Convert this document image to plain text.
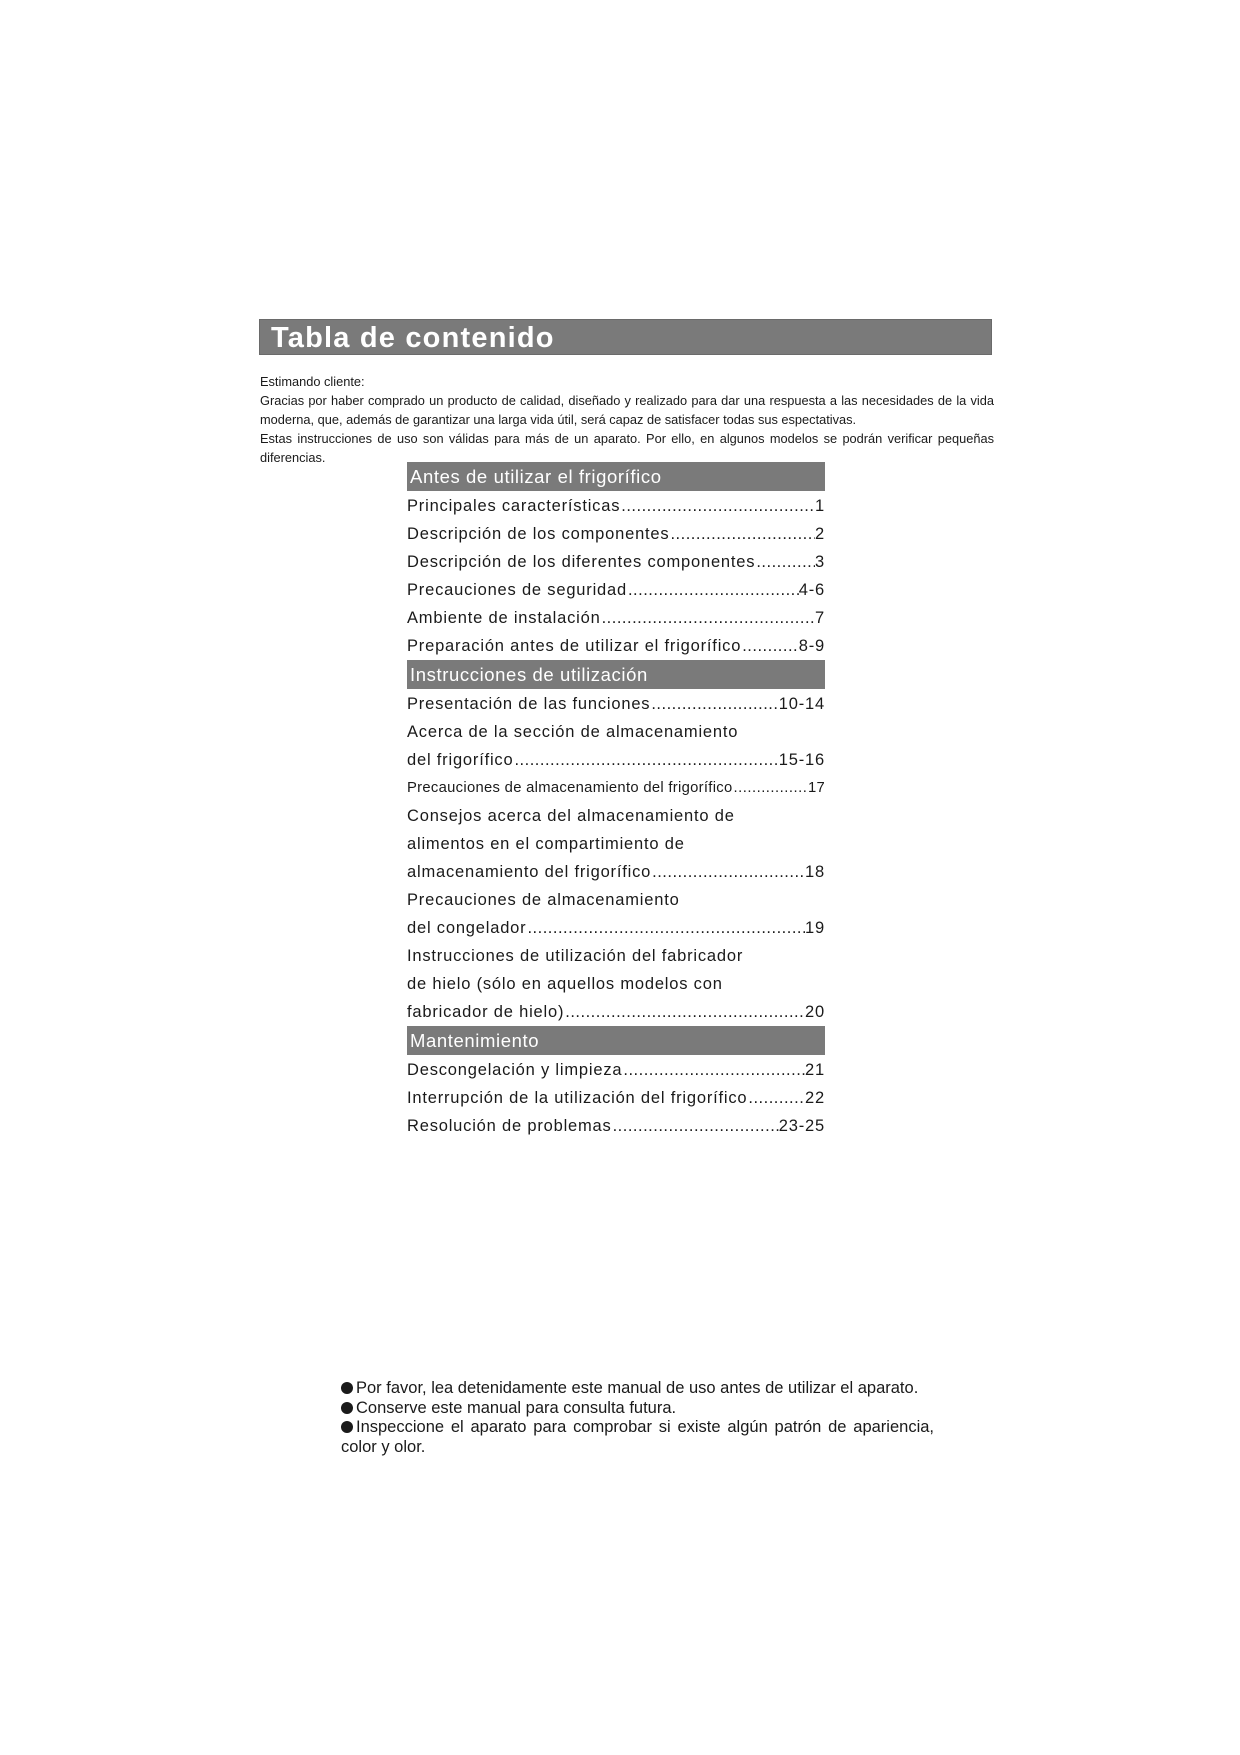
Tabla de contenido

Estimando cliente:

Gracias por haber comprado un producto de calidad, diseñado y realizado para dar una respuesta a las necesidades de la vida moderna, que, además de garantizar una larga vida útil, será capaz de satisfacer todas sus espectativas.

Estas instrucciones de uso son válidas para más de un aparato. Por ello, en algunos modelos se podrán verificar pequeñas diferencias.

Antes de utilizar el frigorífico
Principales características .....	1
Descripción de los componentes .....	2
Descripción de los diferentes componentes .....	3
Precauciones de seguridad .....	4-6
Ambiente de instalación .....	7
Preparación antes de utilizar el frigorífico .....	8-9
Instrucciones de utilización
Presentación de las funciones .....	10-14
Acerca de la sección de almacenamiento
del frigorífico .....	15-16
Precauciones de almacenamiento del frigorífico .....	17
Consejos acerca del almacenamiento de
alimentos en el compartimiento de
almacenamiento del frigorífico .....	18
Precauciones de almacenamiento
del congelador .....	19
Instrucciones de utilización del fabricador
de hielo (sólo en aquellos modelos con
fabricador de hielo) .....	20
Mantenimiento
Descongelación y limpieza .....	21
Interrupción de la utilización del frigorífico .....	22
Resolución de problemas .....	23-25

Por favor, lea detenidamente este manual de uso antes de utilizar el aparato.

Conserve este manual para consulta futura.

Inspeccione el aparato para comprobar si existe algún patrón de apariencia, color y olor.
